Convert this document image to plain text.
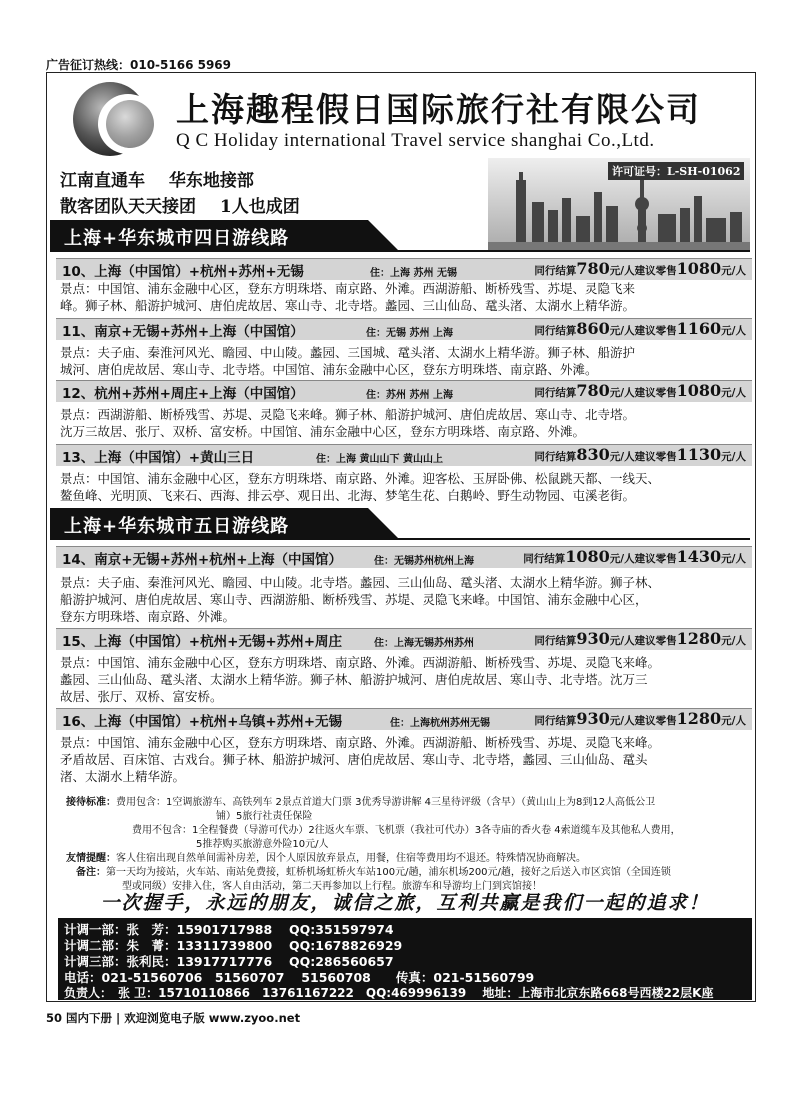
广告征订热线：010-5166 5969
上海趣程假日国际旅行社有限公司
Q C Holiday international Travel service shanghai Co.,Ltd.
许可证号：L-SH-01062
江南直通车 华东地接部
散客团队天天接团 1人也成团
上海+华东城市四日游线路
10、上海（中国馆）+杭州+苏州+无锡	住：上海 苏州 无锡	同行结算780元/人建议零售1080元/人
景点：中国馆、浦东金融中心区，登东方明珠塔、南京路、外滩。西湖游船、断桥残雪、苏堤、灵隐飞来
峰。狮子林、船游护城河、唐伯虎故居、寒山寺、北寺塔。蠡园、三山仙岛、鼋头渚、太湖水上精华游。
11、南京+无锡+苏州+上海（中国馆）	住：无锡 苏州 上海	同行结算860元/人建议零售1160元/人
景点：夫子庙、秦淮河风光、瞻园、中山陵。蠡园、三国城、鼋头渚、太湖水上精华游。狮子林、船游护
城河、唐伯虎故居、寒山寺、北寺塔。中国馆、浦东金融中心区，登东方明珠塔、南京路、外滩。
12、杭州+苏州+周庄+上海（中国馆）	住：苏州 苏州 上海	同行结算780元/人建议零售1080元/人
景点：西湖游船、断桥残雪、苏堤、灵隐飞来峰。狮子林、船游护城河、唐伯虎故居、寒山寺、北寺塔。
沈万三故居、张厅、双桥、富安桥。中国馆、浦东金融中心区，登东方明珠塔、南京路、外滩。
13、上海（中国馆）+黄山三日	住：上海 黄山山下 黄山山上	同行结算830元/人建议零售1130元/人
景点：中国馆、浦东金融中心区，登东方明珠塔、南京路、外滩。迎客松、玉屏卧佛、松鼠跳天都、一线天、
鳌鱼峰、光明顶、飞来石、西海、排云亭、观日出、北海、梦笔生花、白鹅岭、野生动物园、屯溪老街。
上海+华东城市五日游线路
14、南京+无锡+苏州+杭州+上海（中国馆）	住：无锡苏州杭州上海	同行结算1080元/人建议零售1430元/人
景点：夫子庙、秦淮河风光、瞻园、中山陵。北寺塔。蠡园、三山仙岛、鼋头渚、太湖水上精华游。狮子林、
船游护城河、唐伯虎故居、寒山寺、西湖游船、断桥残雪、苏堤、灵隐飞来峰。中国馆、浦东金融中心区，
登东方明珠塔、南京路、外滩。
15、上海（中国馆）+杭州+无锡+苏州+周庄	住：上海无锡苏州苏州	同行结算930元/人建议零售1280元/人
景点：中国馆、浦东金融中心区，登东方明珠塔、南京路、外滩。西湖游船、断桥残雪、苏堤、灵隐飞来峰。
蠡园、三山仙岛、鼋头渚、太湖水上精华游。狮子林、船游护城河、唐伯虎故居、寒山寺、北寺塔。沈万三
故居、张厅、双桥、富安桥。
16、上海（中国馆）+杭州+乌镇+苏州+无锡	住：上海杭州苏州无锡	同行结算930元/人建议零售1280元/人
景点：中国馆、浦东金融中心区，登东方明珠塔、南京路、外滩。西湖游船、断桥残雪、苏堤、灵隐飞来峰。
矛盾故居、百床馆、古戏台。狮子林、船游护城河、唐伯虎故居、寒山寺、北寺塔，蠡园、三山仙岛、鼋头
渚、太湖水上精华游。
接待标准：费用包含：1空调旅游车、高铁列车 2景点首道大门票 3优秀导游讲解 4三星待评级（含早）（黄山山上为8到12人高低公卫
铺）5旅行社责任保险
费用不包含：1全程餐费（导游可代办）2往返火车票、飞机票（我社可代办）3各寺庙的香火卷 4索道缆车及其他私人费用，
5推荐购买旅游意外险10元/人
友情提醒：客人住宿出现自然单间需补房差，因个人原因放弃景点，用餐，住宿等费用均不退还。特殊情况协商解决。
备注：第一天均为接站，火车站、南站免费接，虹桥机场虹桥火车站100元/趟，浦东机场200元/趟，接好之后送入市区宾馆（全国连锁
型或同级）安排入住，客人自由活动，第二天再参加以上行程。旅游车和导游均上门到宾馆接！
一次握手，永远的朋友，诚信之旅，互利共赢是我们一起的追求！
计调一部：张　芳：15901717988　 QQ:351597974
计调二部：朱　菁：13311739800　 QQ:1678826929
计调三部：张利民：13917717776　 QQ:286560657
电话：021-51560706　51560707　 51560708　　传真：021-51560799
负责人：　张 卫：15710110866　13761167222　QQ:469996139　 地址：上海市北京东路668号西楼22层K座
50 国内下册 | 欢迎浏览电子版 www.zyoo.net
